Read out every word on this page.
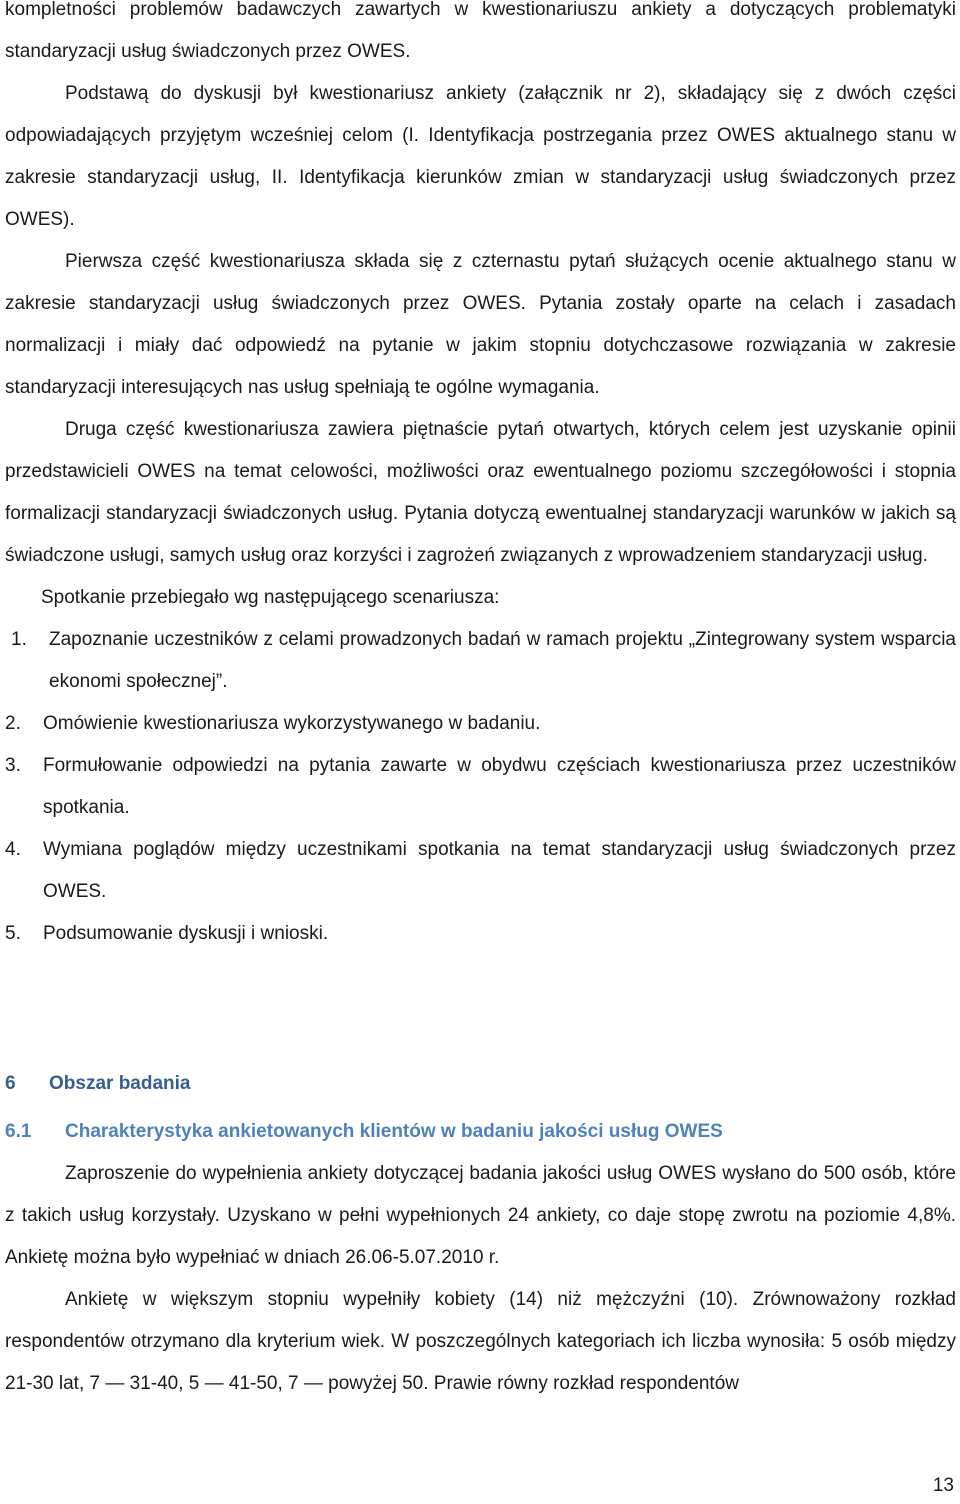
kompletności problemów badawczych zawartych w kwestionariuszu ankiety a dotyczących problematyki standaryzacji usług świadczonych przez OWES.

Podstawą do dyskusji był kwestionariusz ankiety (załącznik nr 2), składający się z dwóch części odpowiadających przyjętym wcześniej celom (I. Identyfikacja postrzegania przez OWES aktualnego stanu w zakresie standaryzacji usług, II. Identyfikacja kierunków zmian w standaryzacji usług świadczonych przez OWES).

Pierwsza część kwestionariusza składa się z czternastu pytań służących ocenie aktualnego stanu w zakresie standaryzacji usług świadczonych przez OWES. Pytania zostały oparte na celach i zasadach normalizacji i miały dać odpowiedź na pytanie w jakim stopniu dotychczasowe rozwiązania w zakresie standaryzacji interesujących nas usług spełniają te ogólne wymagania.

Druga część kwestionariusza zawiera piętnaście pytań otwartych, których celem jest uzyskanie opinii przedstawicieli OWES na temat celowości, możliwości oraz ewentualnego poziomu szczegółowości i stopnia formalizacji standaryzacji świadczonych usług. Pytania dotyczą ewentualnej standaryzacji warunków w jakich są świadczone usługi, samych usług oraz korzyści i zagrożeń związanych z wprowadzeniem standaryzacji usług.

Spotkanie przebiegało wg następującego scenariusza:

1. Zapoznanie uczestników z celami prowadzonych badań w ramach projektu „Zintegrowany system wsparcia ekonomi społecznej”.
2. Omówienie kwestionariusza wykorzystywanego w badaniu.
3. Formułowanie odpowiedzi na pytania zawarte w obydwu częściach kwestionariusza przez uczestników spotkania.
4. Wymiana poglądów między uczestnikami spotkania na temat standaryzacji usług świadczonych przez OWES.
5. Podsumowanie dyskusji i wnioski.
6	Obszar badania
6.1	Charakterystyka ankietowanych klientów w badaniu jakości usług OWES

Zaproszenie do wypełnienia ankiety dotyczącej badania jakości usług OWES wysłano do 500 osób, które z takich usług korzystały. Uzyskano w pełni wypełnionych 24 ankiety, co daje stopę zwrotu na poziomie 4,8%. Ankietę można było wypełniać w dniach 26.06-5.07.2010 r.

Ankietę w większym stopniu wypełniły kobiety (14) niż mężczyźni (10). Zrównoważony rozkład respondentów otrzymano dla kryterium wiek. W poszczególnych kategoriach ich liczba wynosiła: 5 osób między 21-30 lat, 7 — 31-40, 5 — 41-50, 7 — powyżej 50. Prawie równy rozkład respondentów

13
